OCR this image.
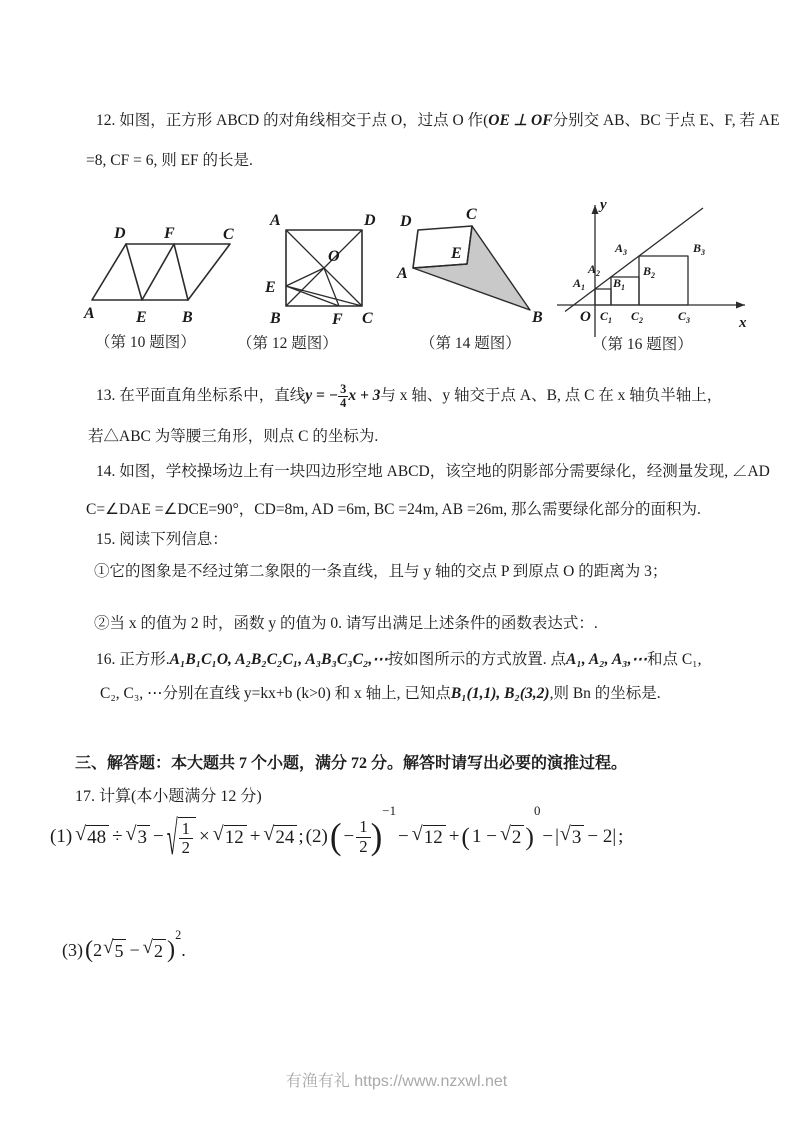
12. 如图，正方形 ABCD 的对角线相交于点 O，过点 O 作(OE ⊥ OF分别交 AB、BC 于点 E、F, 若 AE
=8, CF = 6, 则 EF 的长是.
A	E B
D F	C
（第 10 题图）
A	D
O
E
B	F C
（第 12 题图）
D	C
E
A
B
（第 14 题图）
y
x
O
$A_1$ $B_1$
$C_1$
$A_2$	$B_2$
$C_2$
$A_3$	$B_3$
$C_3$
（第 16 题图）
13. 在平面直角坐标系中，直线 y = − $\frac{3}{4}$ x + 3 与 x 轴、y 轴交于点 A、B, 点 C 在 x 轴负半轴上，
若△ABC 为等腰三角形，则点 C 的坐标为.
14. 如图，学校操场边上有一块四边形空地 ABCD，该空地的阴影部分需要绿化，经测量发现, ∠AD
C=∠DAE =∠DCE=90°，CD=8m, AD =6m, BC =24m, AB =26m, 那么需要绿化部分的面积为.
15. 阅读下列信息：
①它的图象是不经过第二象限的一条直线，且与 y 轴的交点 P 到原点 O 的距离为 3；
②当 x 的值为 2 时，函数 y 的值为 0. 请写出满足上述条件的函数表达式：.
16. 正方形.A₁B₁C₁O, A₂B₂C₂C₁, A₃B₃C₃C₂,⋯按如图所示的方式放置. 点A₁, A₂, A₃,⋯和点 C₁,
C₂, C₃, ⋯分别在直线 y=kx+b (k>0) 和 x 轴上, 已知点B₁(1,1), B₂(3,2),则 Bn 的坐标是.
三、解答题：本大题共 7 个小题，满分 72 分。解答时请写出必要的演推过程。
17. 计算(本小题满分 12 分)
(1) √ 48 ÷ √ 3 − √ $\frac{1}{2}$ × √ 12 + √ 24 ; (2) ( − $\frac{1}{2}$ )
−1
− √ 12 + ( 1 − √ 2 )
0
− | √ 3 − 2| ;
(3) ( 2 √ 5 − √ 2 )
2
.
有渔有礼 https://www.nzxwl.net
